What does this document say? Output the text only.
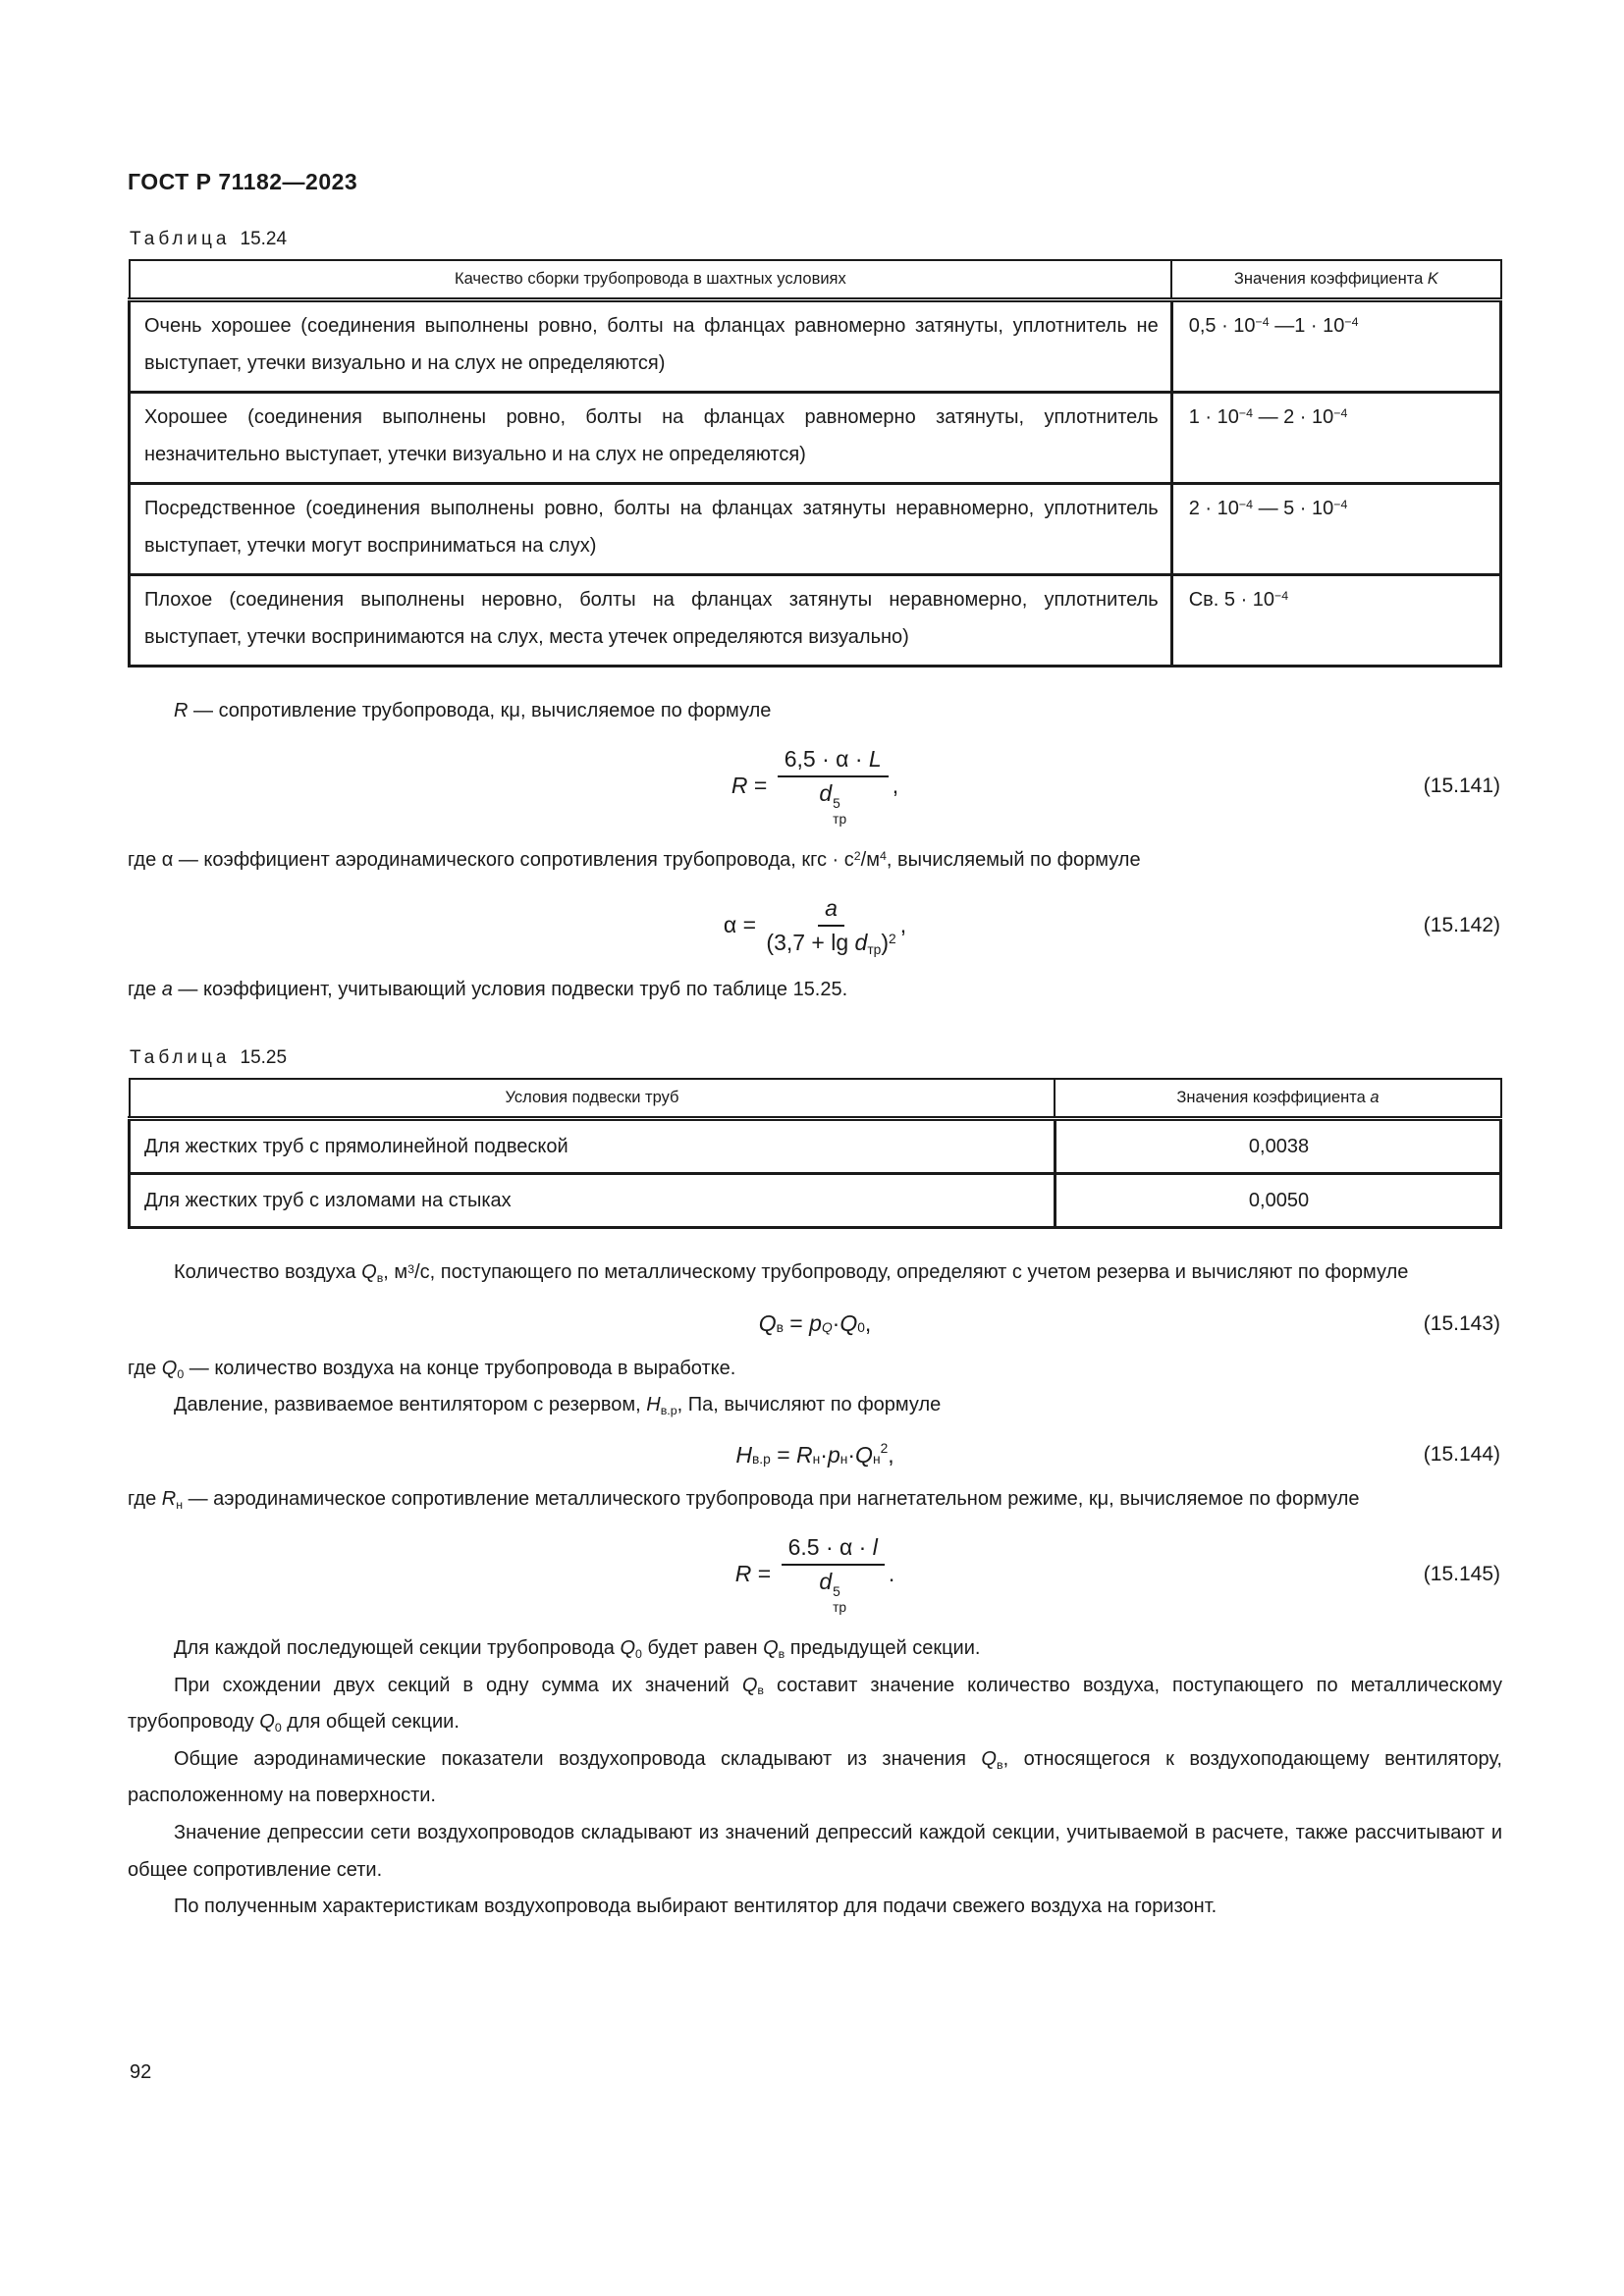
ГОСТ Р 71182—2023
Таблица 15.24
Качество сборки трубопровода в шахтных условиях	Значения коэффициента K
Очень хорошее (соединения выполнены ровно, болты на фланцах равномерно затянуты, уплотнитель не выступает, утечки визуально и на слух не определяются)	$0,5 \cdot 10^{-4}$ —1 · $10^{-4}$
Хорошее (соединения выполнены ровно, болты на фланцах равномерно затянуты, уплотнитель незначительно выступает, утечки визуально и на слух не определяются)	$1 \cdot 10^{-4}$ — $2 \cdot 10^{-4}$
Посредственное (соединения выполнены ровно, болты на фланцах затянуты неравномерно, уплотнитель выступает, утечки могут восприниматься на слух)	$2 \cdot 10^{-4}$ — $5 \cdot 10^{-4}$
Плохое (соединения выполнены неровно, болты на фланцах затянуты неравномерно, уплотнитель выступает, утечки воспринимаются на слух, места утечек определяются визуально)	Св. $5 \cdot 10^{-4}$
R — сопротивление трубопровода, кμ, вычисляемое по формуле
R = 6,5 · α · L
d 5
тр ,	(15.141)
где α — коэффициент аэродинамического сопротивления трубопровода, кгс · $с^2/м^4$, вычисляемый по формуле
$\alpha = \frac{a}{(3,7 + \lg dтр)^2}$ ,	(15.142)
где a — коэффициент, учитывающий условия подвески труб по таблице 15.25.
Таблица 15.25
Условия подвески труб	Значения коэффициента a
Для жестких труб с прямолинейной подвеской	0,0038
Для жестких труб с изломами на стыках	0,0050
Количество воздуха Qв, $м^3/с$, поступающего по металлическому трубопроводу, определяют с учетом резерва и вычисляют по формуле
Q в = p Q · Q 0 ,	(15.143)
где Q0 — количество воздуха на конце трубопровода в выработке.
Давление, развиваемое вентилятором с резервом, Hв.р, Па, вычисляют по формуле
H в.р = R н · p н · Q н
2 ,	(15.144)
где Rн — аэродинамическое сопротивление металлического трубопровода при нагнетательном режиме, кμ, вычисляемое по формуле
R = 6.5 · α · l
d 5
тр .	(15.145)
Для каждой последующей секции трубопровода Q0 будет равен Qв предыдущей секции.
При схождении двух секций в одну сумма их значений Qв составит значение количество воздуха, поступающего по металлическому трубопроводу Q0 для общей секции.
Общие аэродинамические показатели воздухопровода складывают из значения Qв, относящегося к воздухоподающему вентилятору, расположенному на поверхности.
Значение депрессии сети воздухопроводов складывают из значений депрессий каждой секции, учитываемой в расчете, также рассчитывают и общее сопротивление сети.
По полученным характеристикам воздухопровода выбирают вентилятор для подачи свежего воздуха на горизонт.
92
